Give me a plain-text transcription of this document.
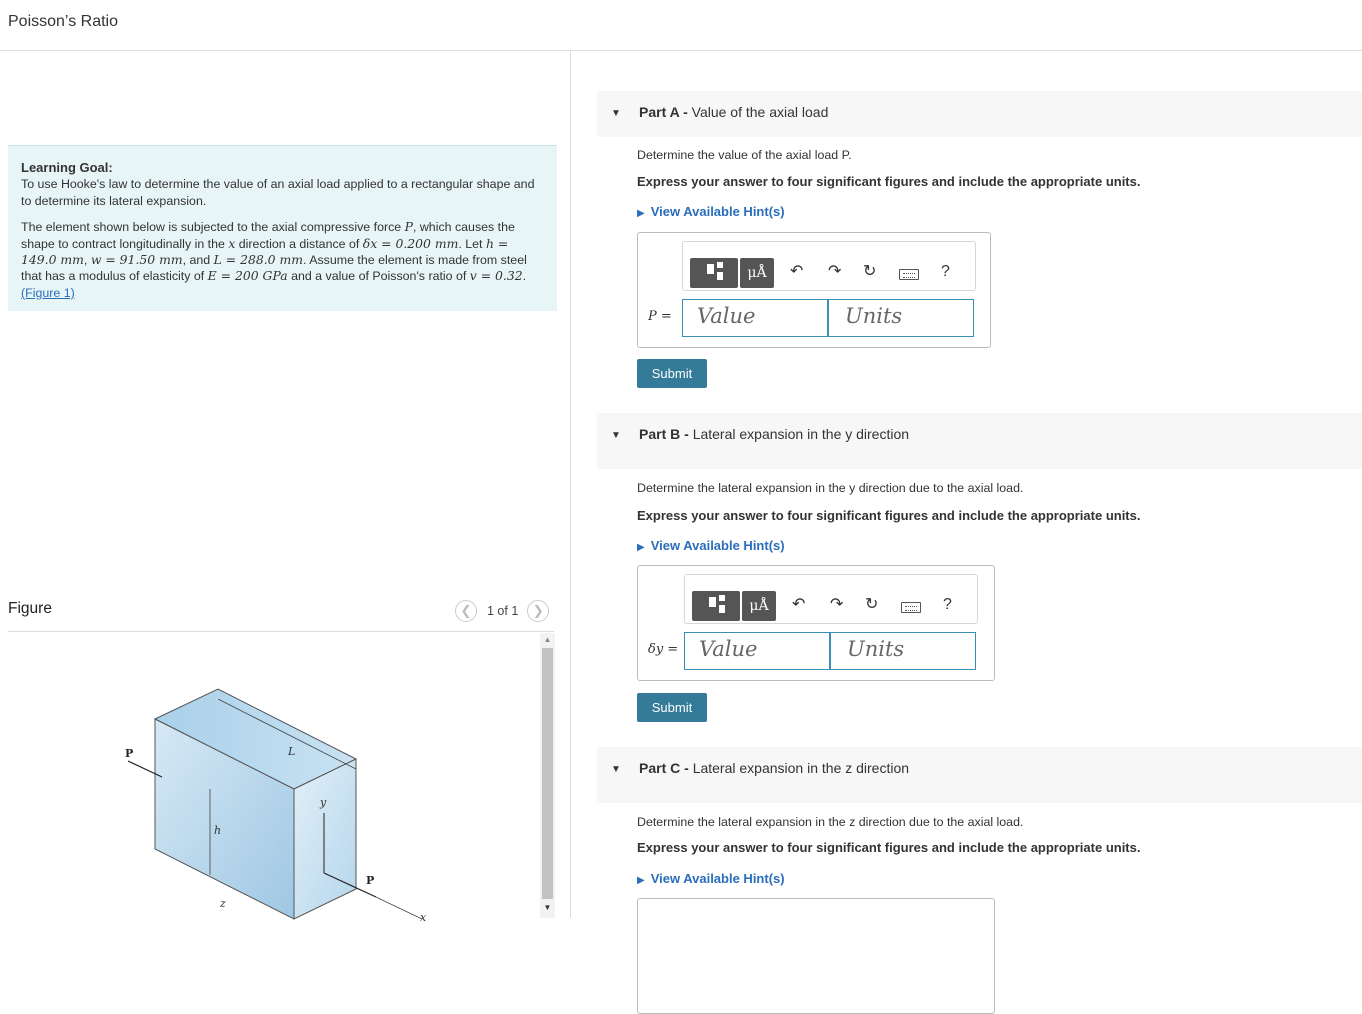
Poisson’s Ratio
Learning Goal:
To use Hooke's law to determine the value of an axial load applied to a rectangular shape and to determine its lateral expansion.
The element shown below is subjected to the axial compressive force P, which causes the shape to contract longitudinally in the x direction a distance of δx = 0.200 mm. Let h = 149.0 mm, w = 91.50 mm, and L = 288.0 mm. Assume the element is made from steel that has a modulus of elasticity of E = 200 GPa and a value of Poisson's ratio of v = 0.32. (Figure 1)
Figure	❮	1 of 1	❯
P	L
y
h
P
z
x
▲
▼
▼ Part A - Value of the axial load
Determine the value of the axial load P.
Express your answer to four significant figures and include the appropriate units.
▶ View Available Hint(s)
μÅ	↶ ↷ ↻	?
P =	Value	Units
Submit
▼ Part B - Lateral expansion in the y direction
Determine the lateral expansion in the y direction due to the axial load.
Express your answer to four significant figures and include the appropriate units.
▶ View Available Hint(s)
μÅ	↶ ↷ ↻	?
δy = Value	Units
Submit
▼ Part C - Lateral expansion in the z direction
Determine the lateral expansion in the z direction due to the axial load.
Express your answer to four significant figures and include the appropriate units.
▶ View Available Hint(s)
